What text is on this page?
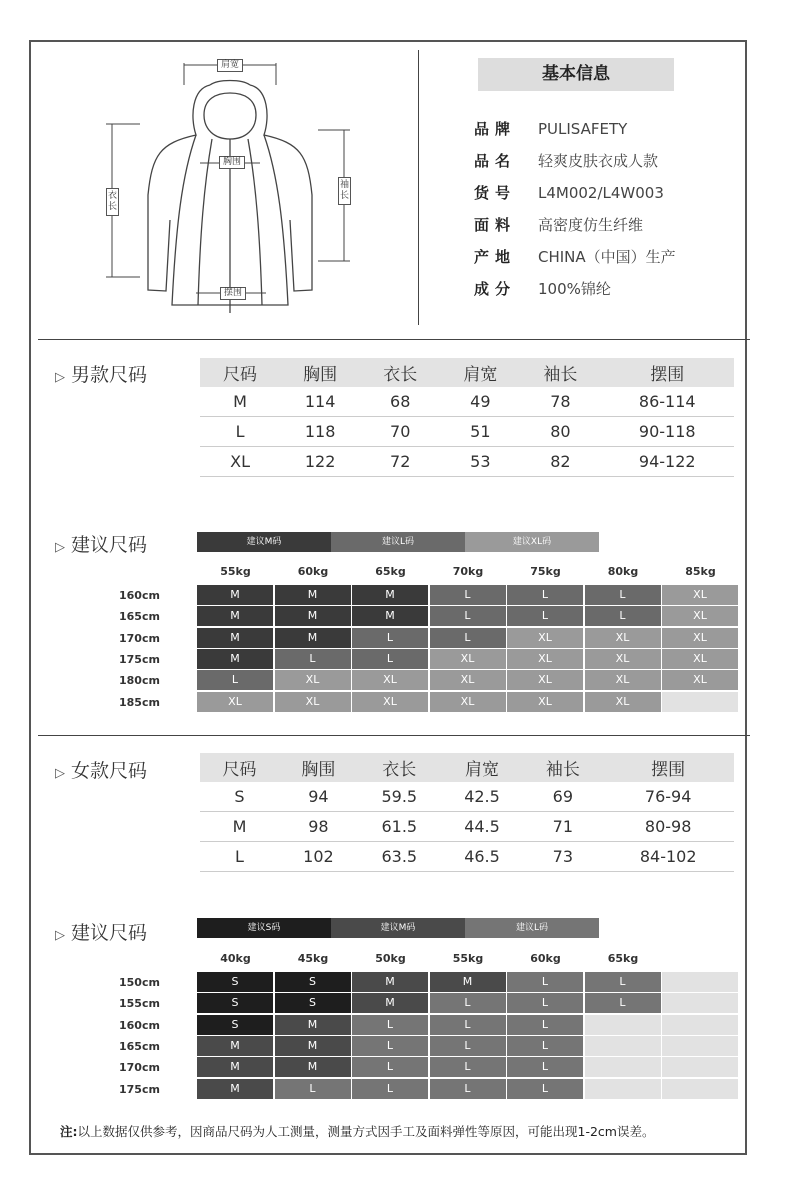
肩宽
胸围
衣长
袖长
摆围
基本信息
品牌 PULISAFETY
品名 轻爽皮肤衣成人款
货号 L4M002/L4W003
面料 高密度仿生纤维
产地 CHINA（中国）生产
成分 100%锦纶
▷ 男款尺码	尺码	胸围	衣长	肩宽	袖长	摆围
M	114	68	49	78	86-114
L	118	70	51	80	90-118
XL	122	72	53	82	94-122
▷ 建议尺码	建议M码	建议L码	建议XL码
55kg	60kg	65kg	70kg	75kg	80kg	85kg
160cm	M	M	M	L	L	L	XL
165cm	M	M	M	L	L	L	XL
170cm	M	M	L	L	XL	XL	XL
175cm	M	L	L	XL	XL	XL	XL
180cm	L	XL	XL	XL	XL	XL	XL
185cm	XL	XL	XL	XL	XL	XL
▷ 女款尺码	尺码	胸围	衣长	肩宽	袖长	摆围
S	94	59.5	42.5	69	76-94
M	98	61.5	44.5	71	80-98
L	102	63.5	46.5	73	84-102
▷ 建议尺码	建议S码	建议M码	建议L码
40kg	45kg	50kg	55kg	60kg	65kg
150cm	S	S	M	M	L	L
155cm	S	S	M	L	L	L
160cm	S	M	L	L	L
165cm	M	M	L	L	L
170cm	M	M	L	L	L
175cm	M	L	L	L	L
注:以上数据仅供参考，因商品尺码为人工测量，测量方式因手工及面料弹性等原因，可能出现1-2cm误差。
